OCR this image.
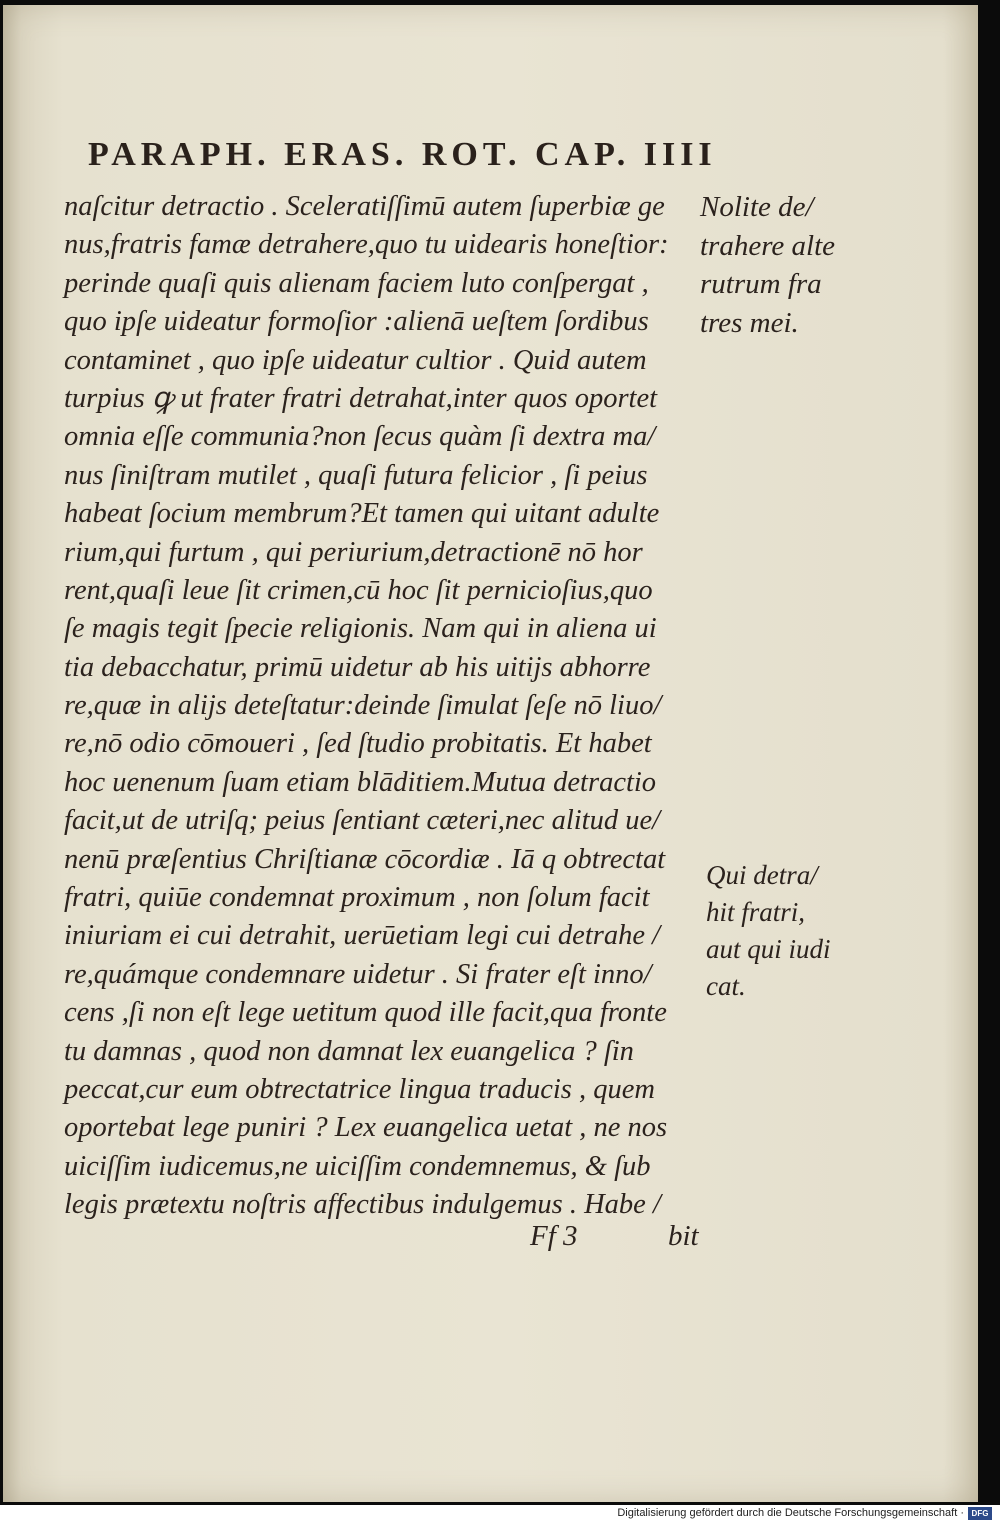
PARAPH. ERAS. ROT. CAP. IIII
naſcitur detractio . Sceleratiſſimū autem ſuperbiæ ge
nus,fratris famæ detrahere,quo tu uidearis honeſtior:
perinde quaſi quis alienam faciem luto conſpergat ,
quo ipſe uideatur formoſior :alienā ueſtem ſordibus
contaminet , quo ipſe uideatur cultior . Quid autem
turpius ꝙ ut frater fratri detrahat,inter quos oportet
omnia eſſe communia?non ſecus quàm ſi dextra ma/
nus ſiniſtram mutilet , quaſi futura felicior , ſi peius
habeat ſocium membrum?Et tamen qui uitant adulte
rium,qui furtum , qui periurium,detractionē nō hor
rent,quaſi leue ſit crimen,cū hoc ſit pernicioſius,quo
ſe magis tegit ſpecie religionis. Nam qui in aliena ui
tia debacchatur, primū uidetur ab his uitijs abhorre
re,quæ in alijs deteſtatur:deinde ſimulat ſeſe nō liuo/
re,nō odio cōmoueri , ſed ſtudio probitatis. Et habet
hoc uenenum ſuam etiam blāditiem.Mutua detractio
facit,ut de utriſq; peius ſentiant cæteri,nec alitud ue/
nenū præſentius Chriſtianæ cōcordiæ . Iā q obtrectat
fratri, quiūe condemnat proximum , non ſolum facit
iniuriam ei cui detrahit, uerūetiam legi cui detrahe /
re,quámque condemnare uidetur . Si frater eſt inno/
cens ,ſi non eſt lege uetitum quod ille facit,qua fronte
tu damnas , quod non damnat lex euangelica ? ſin
peccat,cur eum obtrectatrice lingua traducis , quem
oportebat lege puniri ? Lex euangelica uetat , ne nos
uiciſſim iudicemus,ne uiciſſim condemnemus, & ſub
legis prætextu noſtris affectibus indulgemus . Habe /
Nolite de/
trahere alte
rutrum fra
tres mei.
Qui detra/
hit fratri,
aut qui iudi
cat.
Ff 3	bit
Digitalisierung gefördert durch die Deutsche Forschungsgemeinschaft · DFG
